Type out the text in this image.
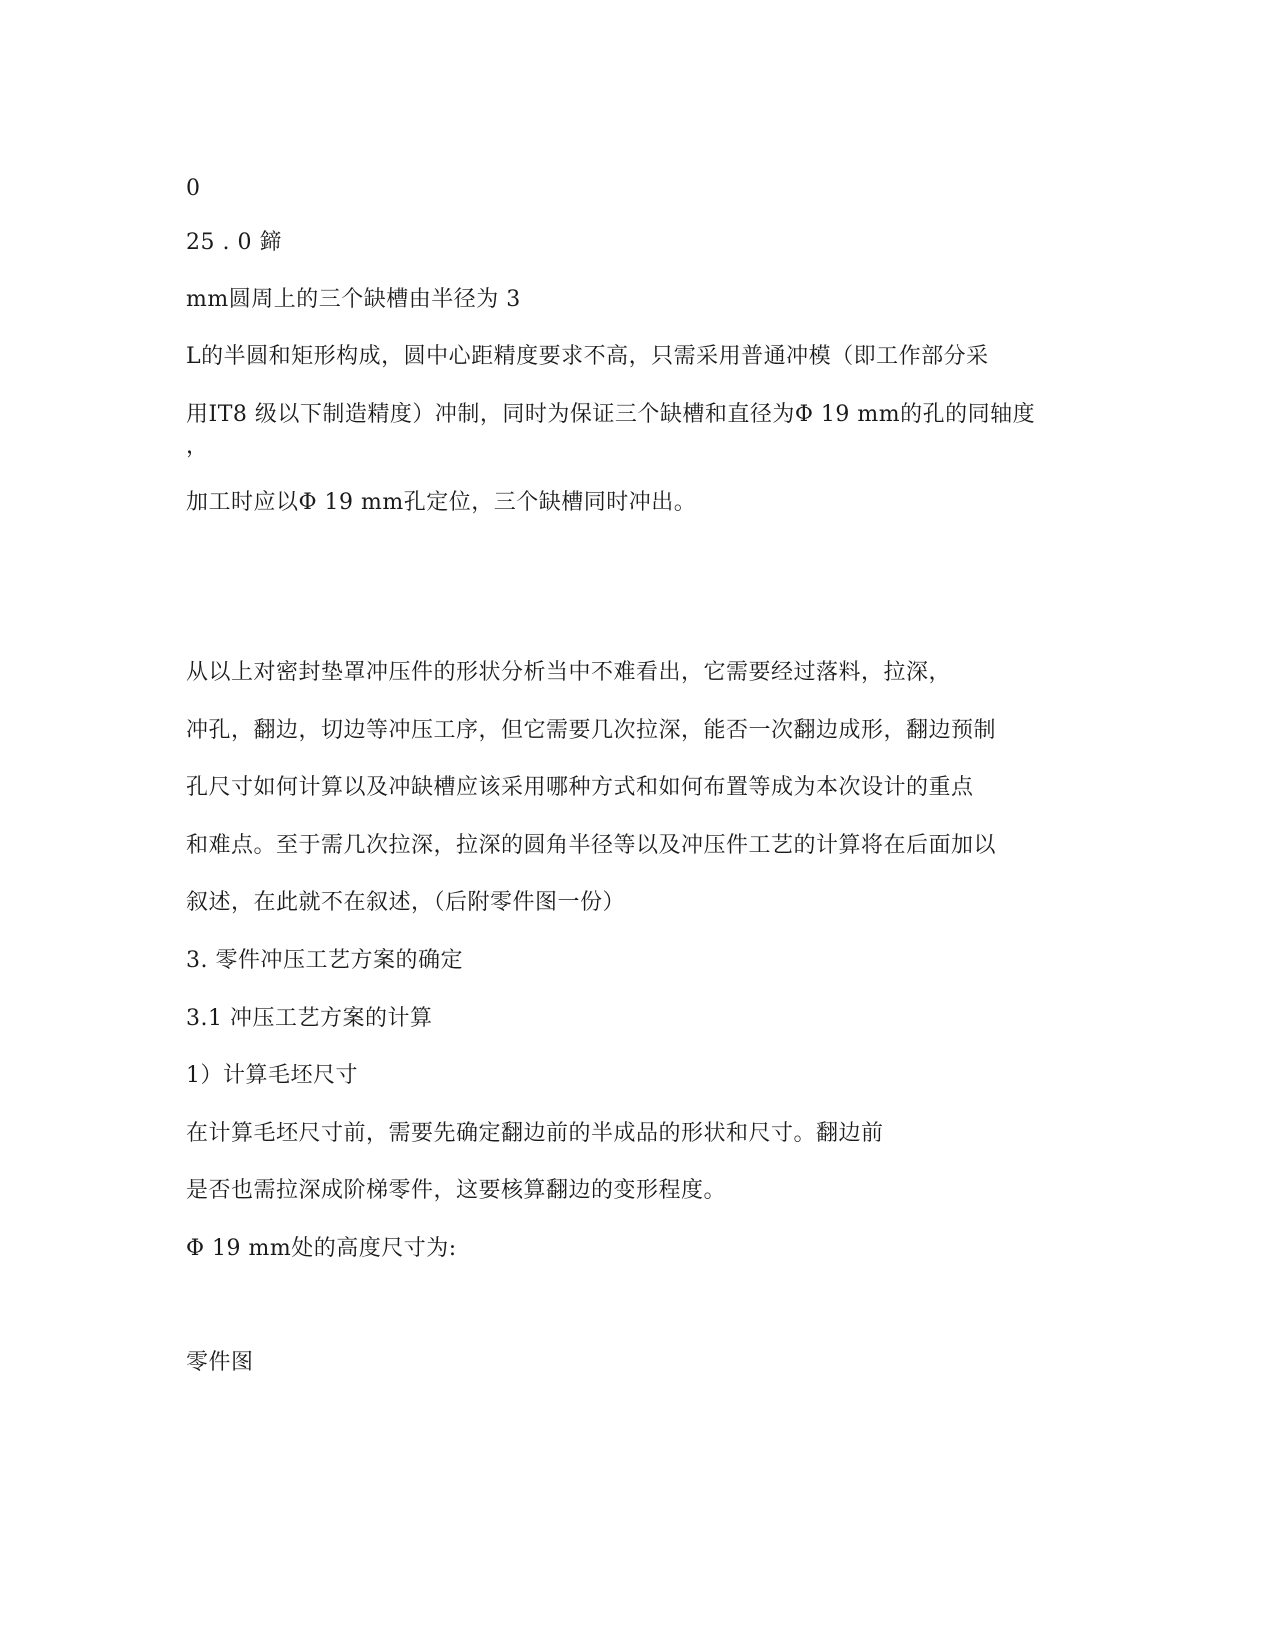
0
25 . 0 鍗
mm圆周上的三个缺槽由半径为 3
L的半圆和矩形构成，圆中心距精度要求不高，只需采用普通冲模（即工作部分采
用IT8 级以下制造精度）冲制，同时为保证三个缺槽和直径为Φ 19 mm的孔的同轴度
，
加工时应以Φ 19 mm孔定位，三个缺槽同时冲出。
从以上对密封垫罩冲压件的形状分析当中不难看出，它需要经过落料，拉深，
冲孔，翻边，切边等冲压工序，但它需要几次拉深，能否一次翻边成形，翻边预制
孔尺寸如何计算以及冲缺槽应该采用哪种方式和如何布置等成为本次设计的重点
和难点。至于需几次拉深，拉深的圆角半径等以及冲压件工艺的计算将在后面加以
叙述，在此就不在叙述，（后附零件图一份）
3. 零件冲压工艺方案的确定
3.1 冲压工艺方案的计算
1）计算毛坯尺寸
在计算毛坯尺寸前，需要先确定翻边前的半成品的形状和尺寸。翻边前
是否也需拉深成阶梯零件，这要核算翻边的变形程度。
Φ 19 mm处的高度尺寸为:
零件图
